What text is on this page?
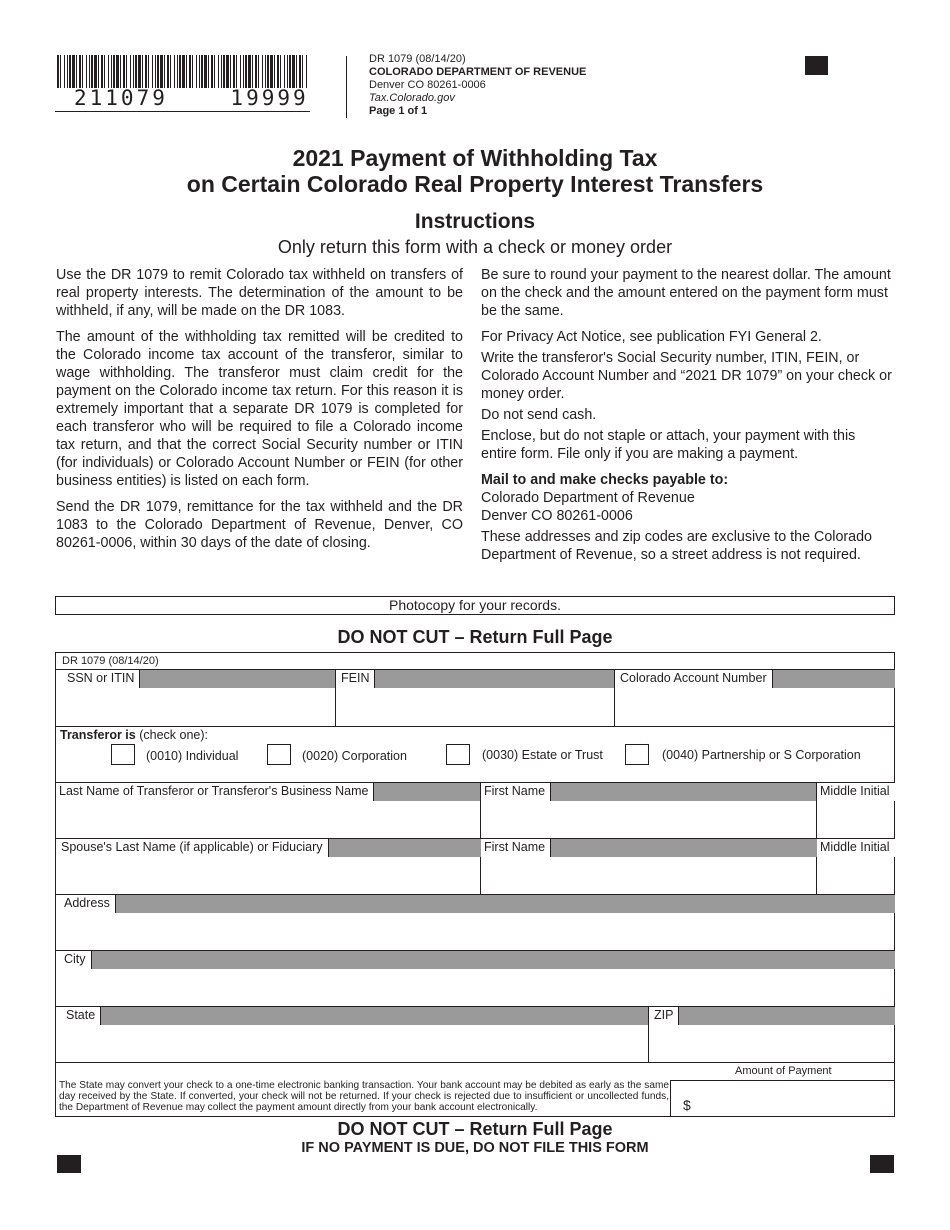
211079    19999
DR 1079 (08/14/20)
COLORADO DEPARTMENT OF REVENUE
Denver CO 80261-0006
Tax.Colorado.gov
Page 1 of 1
2021 Payment of Withholding Tax
on Certain Colorado Real Property Interest Transfers
Instructions
Only return this form with a check or money order

Use the DR 1079 to remit Colorado tax withheld on transfers of real property interests. The determination of the amount to be withheld, if any, will be made on the DR 1083.

The amount of the withholding tax remitted will be credited to the Colorado income tax account of the transferor, similar to wage withholding. The transferor must claim credit for the payment on the Colorado income tax return. For this reason it is extremely important that a separate DR 1079 is completed for each transferor who will be required to file a Colorado income tax return, and that the correct Social Security number or ITIN (for individuals) or Colorado Account Number or FEIN (for other business entities) is listed on each form.

Send the DR 1079, remittance for the tax withheld and the DR 1083 to the Colorado Department of Revenue, Denver, CO 80261-0006, within 30 days of the date of closing.

Be sure to round your payment to the nearest dollar. The amount on the check and the amount entered on the payment form must be the same.

For Privacy Act Notice, see publication FYI General 2.

Write the transferor's Social Security number, ITIN, FEIN, or Colorado Account Number and “2021 DR 1079” on your check or money order.

Do not send cash.

Enclose, but do not staple or attach, your payment with this entire form. File only if you are making a payment.

Mail to and make checks payable to:

Colorado Department of Revenue

Denver CO 80261-0006

These addresses and zip codes are exclusive to the Colorado Department of Revenue, so a street address is not required.

Photocopy for your records.
DO NOT CUT – Return Full Page
DR 1079 (08/14/20)
SSN or ITIN	FEIN	Colorado Account Number
Transferor is (check one):
(0010) Individual	(0020) Corporation	(0030) Estate or Trust	(0040) Partnership or S Corporation
Last Name of Transferor or Transferor's Business Name	First Name	Middle Initial
Spouse's Last Name (if applicable) or Fiduciary	First Name	Middle Initial
Address
City
State	ZIP
Amount of Payment
The State may convert your check to a one-time electronic banking transaction. Your bank account may be debited as early as the same day received by the State. If converted, your check will not be returned. If your check is rejected due to insufficient or uncollected funds, the Department of Revenue may collect the payment amount directly from your bank account electronically.	$
DO NOT CUT – Return Full Page
IF NO PAYMENT IS DUE, DO NOT FILE THIS FORM
